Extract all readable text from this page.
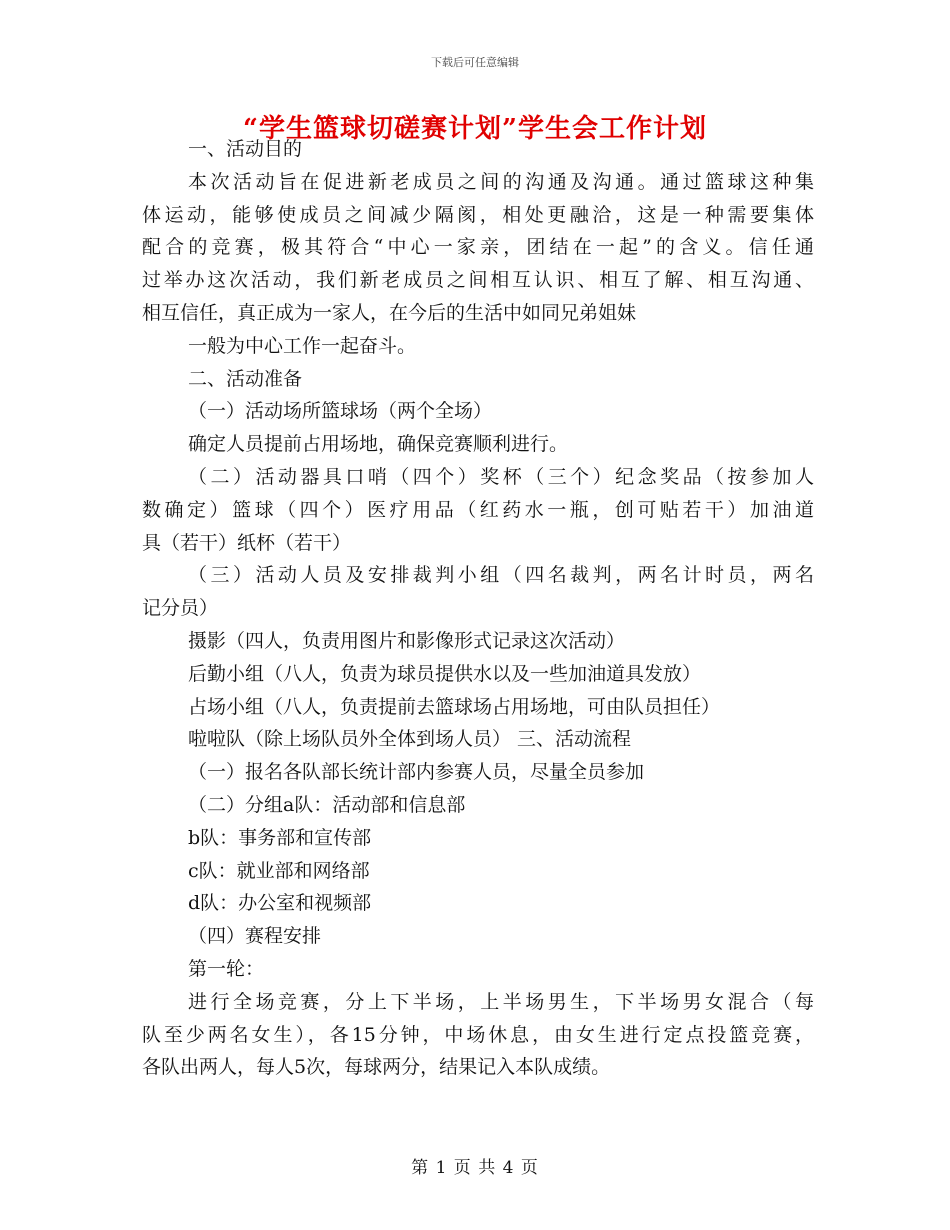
下载后可任意编辑
“学生篮球切磋赛计划”学生会工作计划

一、活动目的

本次活动旨在促进新老成员之间的沟通及沟通。通过篮球这种集

体运动，能够使成员之间减少隔阂，相处更融洽，这是一种需要集体

配合的竞赛，极其符合“中心一家亲，团结在一起”的含义。信任通

过举办这次活动，我们新老成员之间相互认识、相互了解、相互沟通、

相互信任，真正成为一家人，在今后的生活中如同兄弟姐妹

一般为中心工作一起奋斗。

二、活动准备

（一）活动场所篮球场（两个全场）

确定人员提前占用场地，确保竞赛顺利进行。

（二）活动器具口哨（四个）奖杯（三个）纪念奖品（按参加人

数确定）篮球（四个）医疗用品（红药水一瓶，创可贴若干）加油道

具（若干）纸杯（若干）

（三）活动人员及安排裁判小组（四名裁判，两名计时员，两名

记分员）

摄影（四人，负责用图片和影像形式记录这次活动）

后勤小组（八人，负责为球员提供水以及一些加油道具发放）

占场小组（八人，负责提前去篮球场占用场地，可由队员担任）

啦啦队（除上场队员外全体到场人员） 三、活动流程

（一）报名各队部长统计部内参赛人员，尽量全员参加

（二）分组a队：活动部和信息部

b队：事务部和宣传部

c队：就业部和网络部

d队：办公室和视频部

（四）赛程安排

第一轮：

进行全场竞赛，分上下半场，上半场男生，下半场男女混合（每

队至少两名女生），各15分钟，中场休息，由女生进行定点投篮竞赛，

各队出两人，每人5次，每球两分，结果记入本队成绩。

第 1 页 共 4 页
